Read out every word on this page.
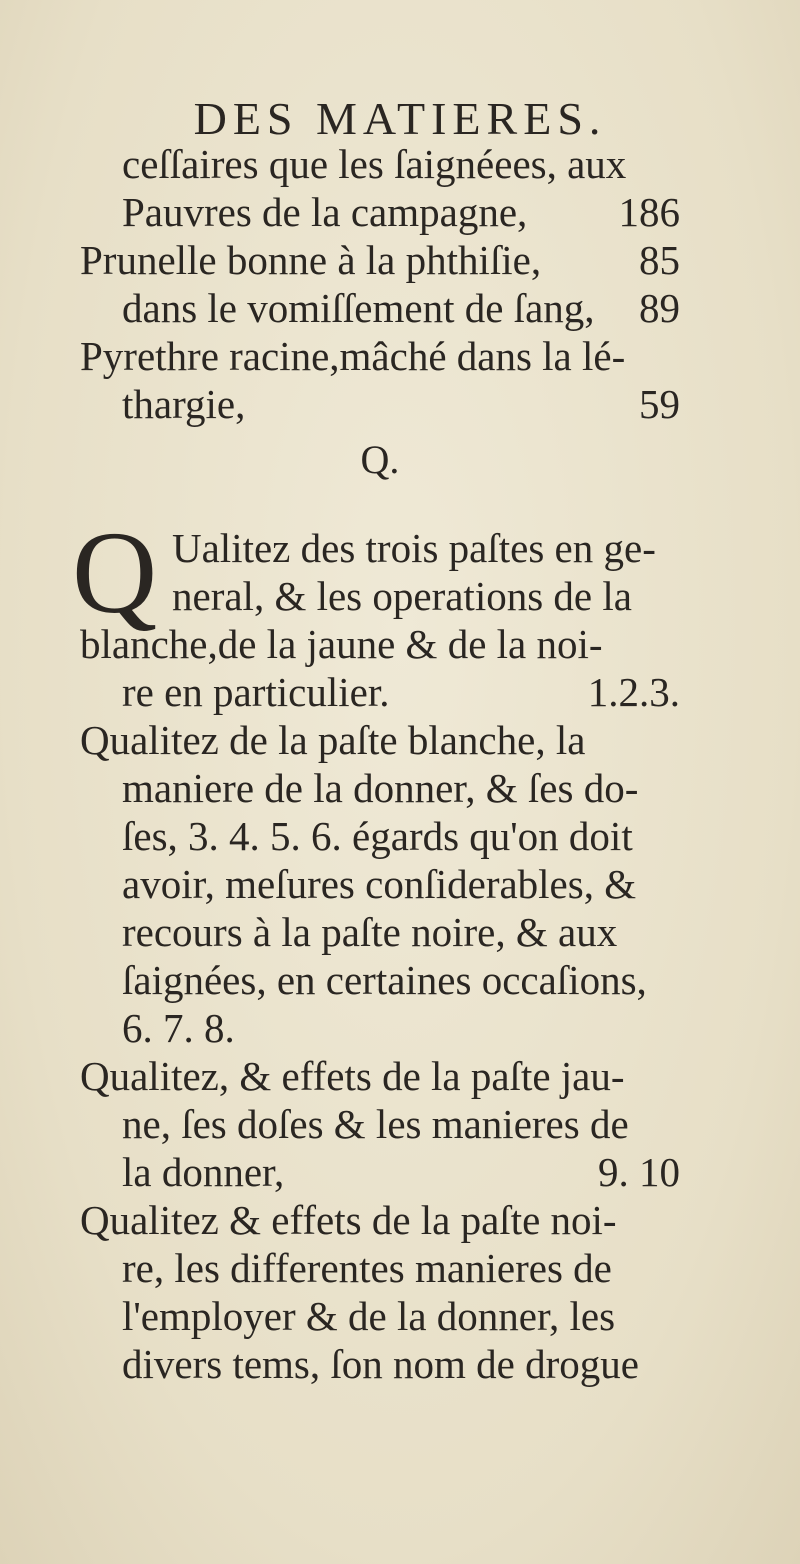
DES MATIERES.
ceſſaires que les ſaignéees, aux
Pauvres de la campagne, 186
Prunelle bonne à la phthiſie, 85
dans le vomiſſement de ſang, 89
Pyrethre racine,mâché dans la lé-
thargie,	59
Q.
Q Ualitez des trois paſtes en ge-
neral, & les operations de la
blanche,de la jaune & de la noi-
re en particulier.	1.2.3.
Qualitez de la paſte blanche, la
maniere de la donner, & ſes do-
ſes, 3. 4. 5. 6. égards qu'on doit
avoir, meſures conſiderables, &
recours à la paſte noire, & aux
ſaignées, en certaines occaſions,
6. 7. 8.
Qualitez, & effets de la paſte jau-
ne, ſes doſes & les manieres de
la donner,	9. 10
Qualitez & effets de la paſte noi-
re, les differentes manieres de
l'employer & de la donner, les
divers tems, ſon nom de drogue
